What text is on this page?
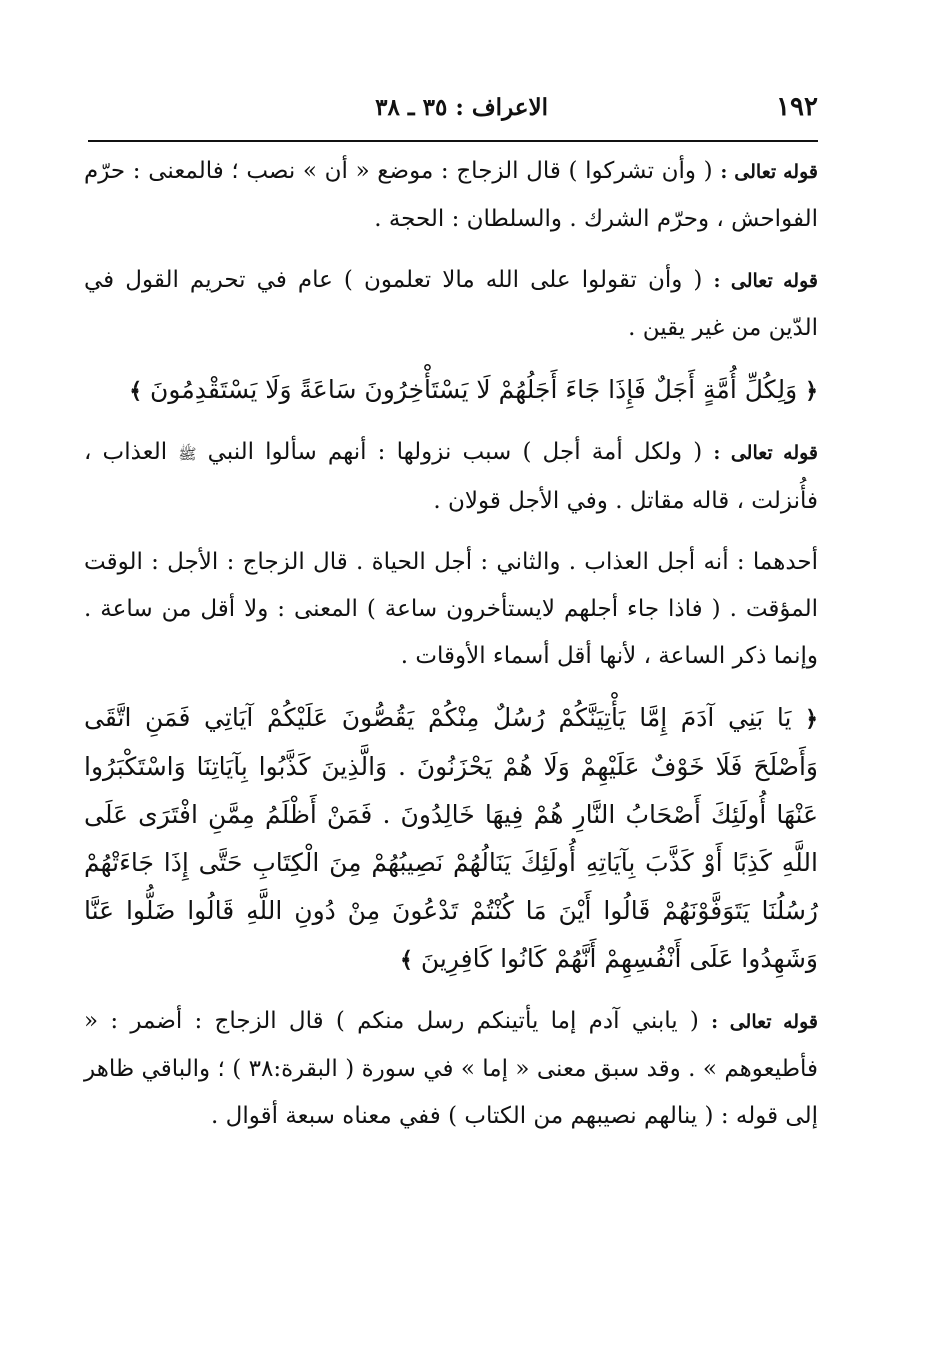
١٩٢
الاعراف : ٣٥ ـ ٣٨

قوله تعالى : ( وأن تشركوا ) قال الزجاج : موضع « أن » نصب ؛ فالمعنى : حرّم الفواحش ، وحرّم الشرك . والسلطان : الحجة .

قوله تعالى : ( وأن تقولوا على الله مالا تعلمون ) عام في تحريم القول في الدّين من غير يقين .

﴿ وَلِكُلِّ أُمَّةٍ أَجَلٌ فَإِذَا جَاءَ أَجَلُهُمْ لَا يَسْتَأْخِرُونَ سَاعَةً وَلَا يَسْتَقْدِمُونَ ﴾

قوله تعالى : ( ولكل أمة أجل ) سبب نزولها : أنهم سألوا النبي ﷺ العذاب ، فأُنزلت ، قاله مقاتل . وفي الأجل قولان .

أحدهما : أنه أجل العذاب . والثاني : أجل الحياة . قال الزجاج : الأجل : الوقت المؤقت . ( فاذا جاء أجلهم لايستأخرون ساعة ) المعنى : ولا أقل من ساعة . وإنما ذكر الساعة ، لأنها أقل أسماء الأوقات .

﴿ يَا بَنِي آدَمَ إِمَّا يَأْتِيَنَّكُمْ رُسُلٌ مِنْكُمْ يَقُصُّونَ عَلَيْكُمْ آيَاتِي فَمَنِ اتَّقَى وَأَصْلَحَ فَلَا خَوْفٌ عَلَيْهِمْ وَلَا هُمْ يَحْزَنُونَ . وَالَّذِينَ كَذَّبُوا بِآيَاتِنَا وَاسْتَكْبَرُوا عَنْهَا أُولَئِكَ أَصْحَابُ النَّارِ هُمْ فِيهَا خَالِدُونَ . فَمَنْ أَظْلَمُ مِمَّنِ افْتَرَى عَلَى اللَّهِ كَذِبًا أَوْ كَذَّبَ بِآيَاتِهِ أُولَئِكَ يَنَالُهُمْ نَصِيبُهُمْ مِنَ الْكِتَابِ حَتَّى إِذَا جَاءَتْهُمْ رُسُلُنَا يَتَوَفَّوْنَهُمْ قَالُوا أَيْنَ مَا كُنْتُمْ تَدْعُونَ مِنْ دُونِ اللَّهِ قَالُوا ضَلُّوا عَنَّا وَشَهِدُوا عَلَى أَنْفُسِهِمْ أَنَّهُمْ كَانُوا كَافِرِينَ ﴾

قوله تعالى : ( يابني آدم إما يأتينكم رسل منكم ) قال الزجاج : أضمر : « فأطيعوهم » . وقد سبق معنى « إما » في سورة ( البقرة:٣٨ ) ؛ والباقي ظاهر إلى قوله : ( ينالهم نصيبهم من الكتاب ) ففي معناه سبعة أقوال .
